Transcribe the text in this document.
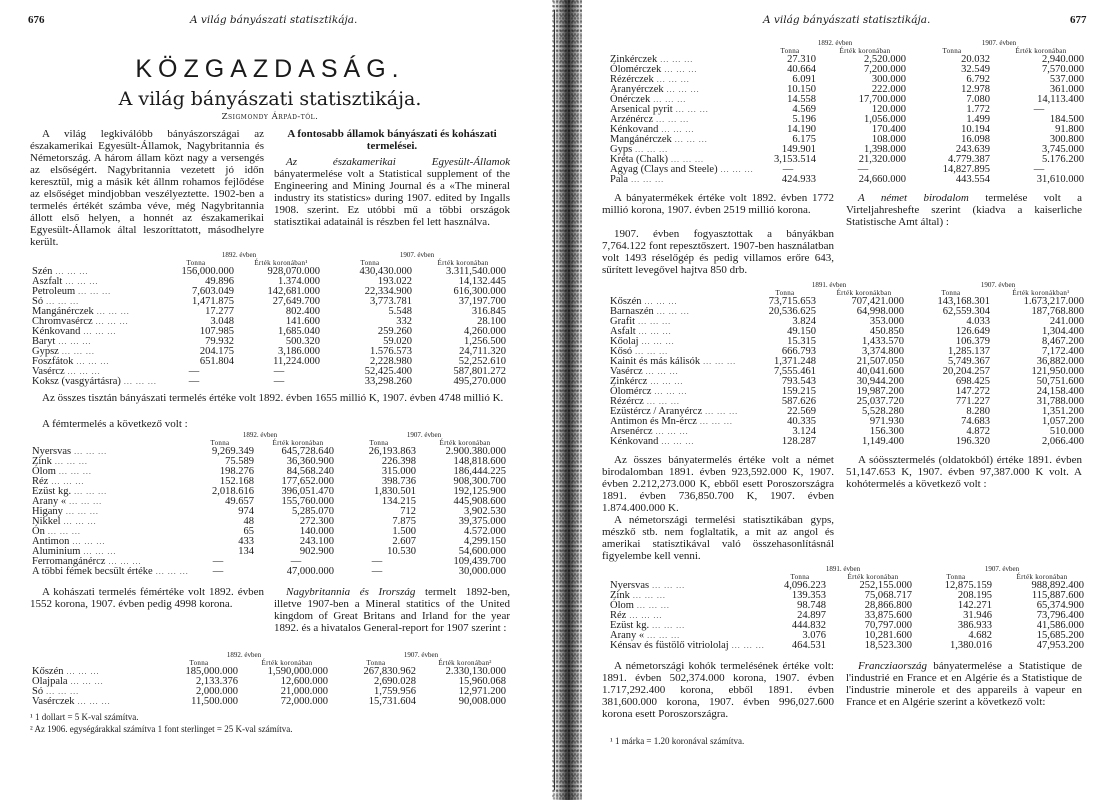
676	A világ bányászati statisztikája.
KÖZGAZDASÁG.
A világ bányászati statisztikája.
Zsigmondy Árpád-tól.
A világ legkiválóbb bányászországai az északamerikai Egyesült-Államok, Nagybritannia és Németország. A három állam közt nagy a versengés az elsőségért. Nagybritannia vezetett jó időn keresztül, mig a másik két állnm rohamos fejlődése az elsőséget mindjobban veszélyeztette. 1902-ben a termelés értékét számba véve, még Nagybritannia állott első helyen, a honnét az északamerikai Egyesült-Államok által leszoríttatott, másodhelyre került.
A fontosabb államok bányászati és kohászati termelései.
Az északamerikai Egyesült-Államok bányatermelése volt a Statistical supplement of the Engineering and Mining Journal és a «The mineral industry its statistics» during 1907. edited by Ingalls 1908. szerint. Ez utóbbi mű a többi országok statisztikai adatainál is részben fel lett használva.
	1892. évben		1907. évben	
	Tonna	Érték koronában¹	Tonna	Érték koronában
Szén ... ... ...	156,000.000	928,070.000	430,430.000	3.311,540.000
Aszfalt ... ... ...	49.896	1.374.000	193.022	14,132.445
Petroleum ... ... ...	7,603.049	142,681.000	22,334.900	616,300.000
Só ... ... ...	1,471.875	27,649.700	3,773.781	37,197.700
Mangánérczek ... ... ...	17.277	802.400	5.548	316.845
Chromvasércz ... ... ...	3.048	141.600	332	28.100
Kénkovand ... ... ...	107.985	1,685.040	259.260	4,260.000
Baryt ... ... ...	79.932	500.320	59.020	1,256.500
Gypsz ... ... ...	204.175	3,186.000	1.576.573	24,711.320
Foszfátok ... ... ...	651.804	11,224.000	2,228.980	52,252.610
Vasércz ... ... ...	—	—	52,425.400	587,801.272
Koksz (vasgyártásra) ... ... ...	—	—	33,298.260	495,270.000
Az összes tisztán bányászati termelés értéke volt 1892. évben 1655 millió K, 1907. évben 4748 millió K.
A fémtermelés a következő volt :
	1892. évben		1907. évben	
	Tonna	Érték koronában	Tonna	Érték koronában
Nyersvas ... ... ...	9,269.349	645,728.640	26,193.863	2.900.380.000
Zink ... ... ...	75.589	36,360.900	226.398	148,818.600
Ólom ... ... ...	198.276	84,568.240	315.000	186,444.225
Réz ... ... ...	152.168	177,652.000	398.736	908,300.700
Ezüst kg. ... ... ...	2,018.616	396,051.470	1,830.501	192,125.900
Arany « ... ... ...	49.657	155,760.000	134.215	445,908.600
Higany ... ... ...	974	5,285.070	712	3,902.530
Nikkel ... ... ...	48	272.300	7.875	39,375.000
Ón ... ... ...	65	140.000	1.500	4.572.000
Antimon ... ... ...	433	243.100	2.607	4,299.150
Aluminium ... ... ...	134	902.900	10.530	54,600.000
Ferromangánércz ... ... ...	—	—	—	109,439.700
A többi fémek becsült értéke ... ... ...	—	47,000.000	—	30,000.000
A kohászati termelés fémértéke volt 1892. évben 1552 korona, 1907. évben pedig 4998 korona.
Nagybritannia és Irország termelt 1892-ben, illetve 1907-ben a Mineral statitics of the United kingdom of Great Britans and Irland for the year 1892. és a hivatalos General-report for 1907 szerint :
	1892. évben		1907. évben	
	Tonna	Érték koronában	Tonna	Érték koronában²
Kőszén ... ... ...	185,000.000	1,590,000.000	267,830.962	2.330,130.000
Olajpala ... ... ...	2,133.376	12,600.000	2,690.028	15,960.068
Só ... ... ...	2,000.000	21,000.000	1,759.956	12,971.200
Vasérczek ... ... ...	11,500.000	72,000.000	15,731.604	90,008.000
¹ 1 dollart = 5 K-val számítva.
² Az 1906. egységárakkal számítva 1 font sterlinget = 25 K-val számítva.
A világ bányászati statisztikája.	677
	1892. évben		1907. évben	
	Tonna	Érték koronában	Tonna	Érték koronában
Zinkérczek ... ... ...	27.310	2,520.000	20.032	2,940.000
Ólomérczek ... ... ...	40.664	7,200.000	32.549	7,570.000
Rézérczek ... ... ...	6.091	300.000	6.792	537.000
Aranyérczek ... ... ...	10.150	222.000	12.978	361.000
Ónérczek ... ... ...	14.558	17,700.000	7.080	14,113.400
Arsenical pyrit ... ... ...	4.569	120.000	1.772	—
Arzénércz ... ... ...	5.196	1,056.000	1.499	184.500
Kénkovand ... ... ...	14.190	170.400	10.194	91.800
Mangánérczek ... ... ...	6.175	108.000	16.098	300.800
Gyps ... ... ...	149.901	1,398.000	243.639	3,745.000
Kréta (Chalk) ... ... ...	3,153.514	21,320.000	4.779.387	5.176.200
Agyag (Clays and Steele) ... ... ...	—	—	14,827.895	—
Pala ... ... ...	424.933	24,660.000	443.554	31,610.000
A bányatermékek értéke volt 1892. évben 1772 millió korona, 1907. évben 2519 millió korona.
1907. évben fogyasztottak a bányákban 7,764.122 font repesztőszert. 1907-ben használatban volt 1493 réselőgép és pedig villamos erőre 643, sűrített levegővel hajtva 850 drb.
A német birodalom termelése volt a Virteljahreshefte szerint (kiadva a kaiserliche Statistische Amt által) :
	1891. évben		1907. évben	
	Tonna	Érték koronákban	Tonna	Érték koronákban¹
Kőszén ... ... ...	73,715.653	707,421.000	143,168.301	1.673,217.000
Barnaszén ... ... ...	20,536.625	64,998.000	62,559.304	187,768.800
Grafit ... ... ...	3.824	353.000	4.033	241.000
Asfalt ... ... ...	49.150	450.850	126.649	1,304.400
Kőolaj ... ... ...	15.315	1,433.570	106.379	8,467.200
Kősó ... ... ...	666.793	3,374.800	1,285.137	7,172.400
Kainit és más kálisók ... ... ...	1,371.248	21,507.050	5,749.367	36,882.000
Vasércz ... ... ...	7,555.461	40,041.600	20,204.257	121,950.000
Zinkércz ... ... ...	793.543	30,944.200	698.425	50,751.600
Ólomércz ... ... ...	159.215	19,987.200	147.272	24,158.400
Rézércz ... ... ...	587.626	25,037.720	771.227	31,788.000
Ezüstércz / Aranyércz ... ... ...	22.569	5,528.280	8.280	1,351.200
Antimon és Mn-ércz ... ... ...	40.335	971.930	74.683	1,057.200
Arsenércz ... ... ...	3.124	156.300	4.872	510.000
Kénkovand ... ... ...	128.287	1,149.400	196.320	2,066.400
Az összes bányatermelés értéke volt a német birodalomban 1891. évben 923,592.000 K, 1907. évben 2.212,273.000 K, ebből esett Poroszországra 1891. évben 736,850.700 K, 1907. évben 1.874.400.000 K.
A németországi termelési statisztikában gyps, mészkő stb. nem foglaltatik, a mit az angol és amerikai statisztikával való összehasonlításnál figyelembe kell venni.
A sóössztermelés (oldatokból) értéke 1891. évben 51,147.653 K, 1907. évben 97,387.000 K volt. A kohótermelés a következő volt :
	1891. évben		1907. évben	
	Tonna	Érték koronában	Tonna	Érték koronában
Nyersvas ... ... ...	4,096.223	252,155.000	12,875.159	988,892.400
Zink ... ... ...	139.353	75,068.717	208.195	115,887.600
Ólom ... ... ...	98.748	28,866.800	142.271	65,374.900
Réz ... ... ...	24.897	33,875.600	31.946	73,796.400
Ezüst kg. ... ... ...	444.832	70,797.000	386.933	41,586.000
Arany « ... ... ...	3.076	10,281.600	4.682	15,685.200
Kénsav és füstölő vitriololaj ... ... ...	464.531	18,523.300	1,380.016	47,953.200
A németországi kohók termelésének értéke volt: 1891. évben 502,374.000 korona, 1907. évben 1.717,292.400 korona, ebből 1891. évben 381,600.000 korona, 1907. évben 996,027.600 korona esett Poroszországra.
Francziaország bányatermelése a Statistique de l'industrié en France et en Algérie és a Statistique de l'industrie minerole et des appareils à vapeur en France et en Algérie szerint a következő volt:
¹ 1 márka = 1.20 koronával számítva.
